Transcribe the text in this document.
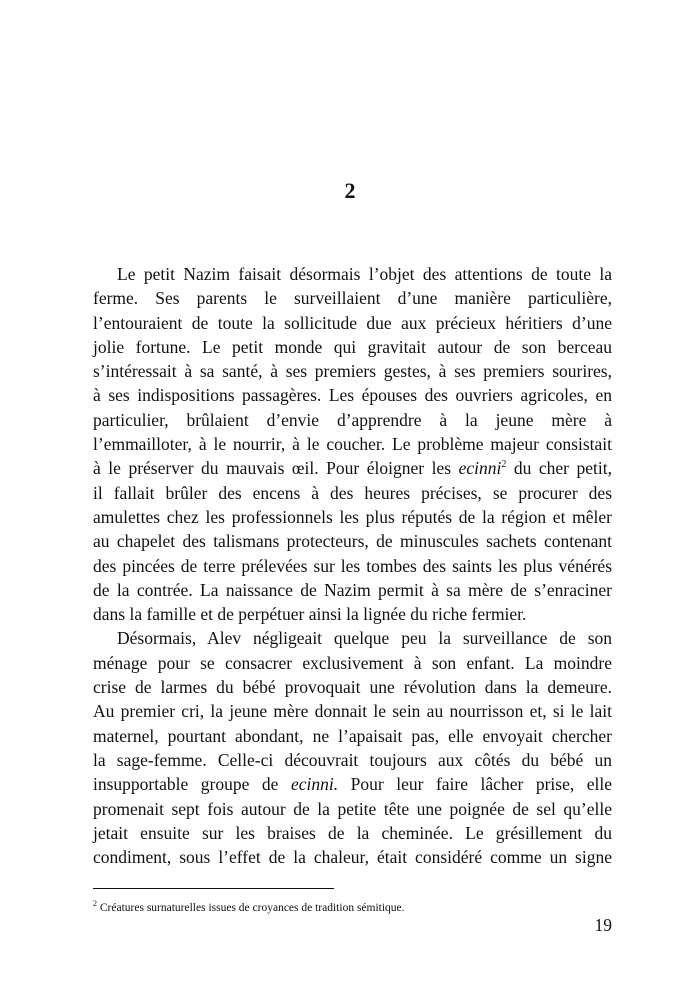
2

Le petit Nazim faisait désormais l’objet des attentions de toute la
ferme. Ses parents le surveillaient d’une manière particulière,
l’entouraient de toute la sollicitude due aux précieux héritiers d’une
jolie fortune. Le petit monde qui gravitait autour de son berceau
s’intéressait à sa santé, à ses premiers gestes, à ses premiers sourires,
à ses indispositions passagères. Les épouses des ouvriers agricoles, en
particulier, brûlaient d’envie d’apprendre à la jeune mère à
l’emmailloter, à le nourrir, à le coucher. Le problème majeur consistait
à le préserver du mauvais œil. Pour éloigner les ecinni$^2$ du cher petit,
il fallait brûler des encens à des heures précises, se procurer des
amulettes chez les professionnels les plus réputés de la région et mêler
au chapelet des talismans protecteurs, de minuscules sachets contenant
des pincées de terre prélevées sur les tombes des saints les plus vénérés
de la contrée. La naissance de Nazim permit à sa mère de s’enraciner
dans la famille et de perpétuer ainsi la lignée du riche fermier.

Désormais, Alev négligeait quelque peu la surveillance de son
ménage pour se consacrer exclusivement à son enfant. La moindre
crise de larmes du bébé provoquait une révolution dans la demeure.
Au premier cri, la jeune mère donnait le sein au nourrisson et, si le lait
maternel, pourtant abondant, ne l’apaisait pas, elle envoyait chercher
la sage-femme. Celle-ci découvrait toujours aux côtés du bébé un
insupportable groupe de ecinni. Pour leur faire lâcher prise, elle
promenait sept fois autour de la petite tête une poignée de sel qu’elle
jetait ensuite sur les braises de la cheminée. Le grésillement du
condiment, sous l’effet de la chaleur, était considéré comme un signe

$^2$ Créatures surnaturelles issues de croyances de tradition sémitique.

19
